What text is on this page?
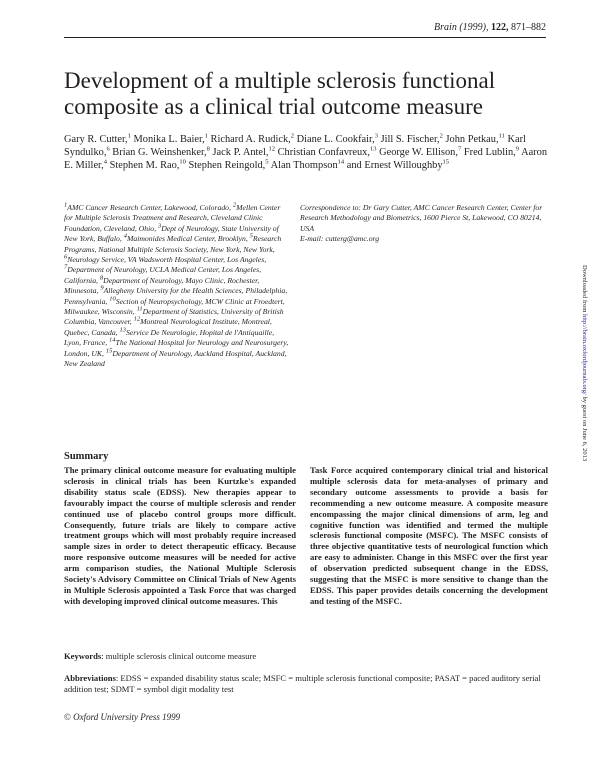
Brain (1999), 122, 871–882
Development of a multiple sclerosis functional composite as a clinical trial outcome measure
Gary R. Cutter,$^1$ Monika L. Baier,$^1$ Richard A. Rudick,$^2$ Diane L. Cookfair,$^3$ Jill S. Fischer,$^2$ John Petkau,$^{11}$ Karl Syndulko,$^6$ Brian G. Weinshenker,$^8$ Jack P. Antel,$^{12}$ Christian Confavreux,$^{13}$ George W. Ellison,$^7$ Fred Lublin,$^9$ Aaron E. Miller,$^4$ Stephen M. Rao,$^{10}$ Stephen Reingold,$^5$ Alan Thompson$^{14}$ and Ernest Willoughby$^{15}$
$^1$AMC Cancer Research Center, Lakewood, Colorado, $^2$Mellen Center for Multiple Sclerosis Treatment and Research, Cleveland Clinic Foundation, Cleveland, Ohio, $^3$Dept of Neurology, State University of New York, Buffalo, $^4$Maimonides Medical Center, Brooklyn, $^5$Research Programs, National Multiple Sclerosis Society, New York, New York, $^6$Neurology Service, VA Wadsworth Hospital Center, Los Angeles, $^7$Department of Neurology, UCLA Medical Center, Los Angeles, California, $^8$Department of Neurology, Mayo Clinic, Rochester, Minnesota, $^9$Allegheny University for the Health Sciences, Philadelphia, Pennsylvania, $^{10}$Section of Neuropsychology, MCW Clinic at Froedtert, Milwaukee, Wisconsin, $^{11}$Department of Statistics, University of British Columbia, Vancouver, $^{12}$Montreal Neurological Institute, Montreal, Quebec, Canada, $^{13}$Service De Neurologie, Hopital de l'Antiquaille, Lyon, France, $^{14}$The National Hospital for Neurology and Neurosurgery, London, UK, $^{15}$Department of Neurology, Auckland Hospital, Auckland, New Zealand
Correspondence to: Dr Gary Cutter, AMC Cancer Research Center, Center for Research Methodology and Biometrics, 1600 Pierce St, Lakewood, CO 80214, USA
E-mail: cutterg@amc.org
Downloaded from http://brain.oxfordjournals.org/ by guest on June 6, 2013
Summary
The primary clinical outcome measure for evaluating multiple sclerosis in clinical trials has been Kurtzke's expanded disability status scale (EDSS). New therapies appear to favourably impact the course of multiple sclerosis and render continued use of placebo control groups more difficult. Consequently, future trials are likely to compare active treatment groups which will most probably require increased sample sizes in order to detect therapeutic efficacy. Because more responsive outcome measures will be needed for active arm comparison studies, the National Multiple Sclerosis Society's Advisory Committee on Clinical Trials of New Agents in Multiple Sclerosis appointed a Task Force that was charged with developing improved clinical outcome measures. This
Task Force acquired contemporary clinical trial and historical multiple sclerosis data for meta-analyses of primary and secondary outcome assessments to provide a basis for recommending a new outcome measure. A composite measure encompassing the major clinical dimensions of arm, leg and cognitive function was identified and termed the multiple sclerosis functional composite (MSFC). The MSFC consists of three objective quantitative tests of neurological function which are easy to administer. Change in this MSFC over the first year of observation predicted subsequent change in the EDSS, suggesting that the MSFC is more sensitive to change than the EDSS. This paper provides details concerning the development and testing of the MSFC.
Keywords: multiple sclerosis clinical outcome measure
Abbreviations: EDSS = expanded disability status scale; MSFC = multiple sclerosis functional composite; PASAT = paced auditory serial addition test; SDMT = symbol digit modality test
© Oxford University Press 1999
